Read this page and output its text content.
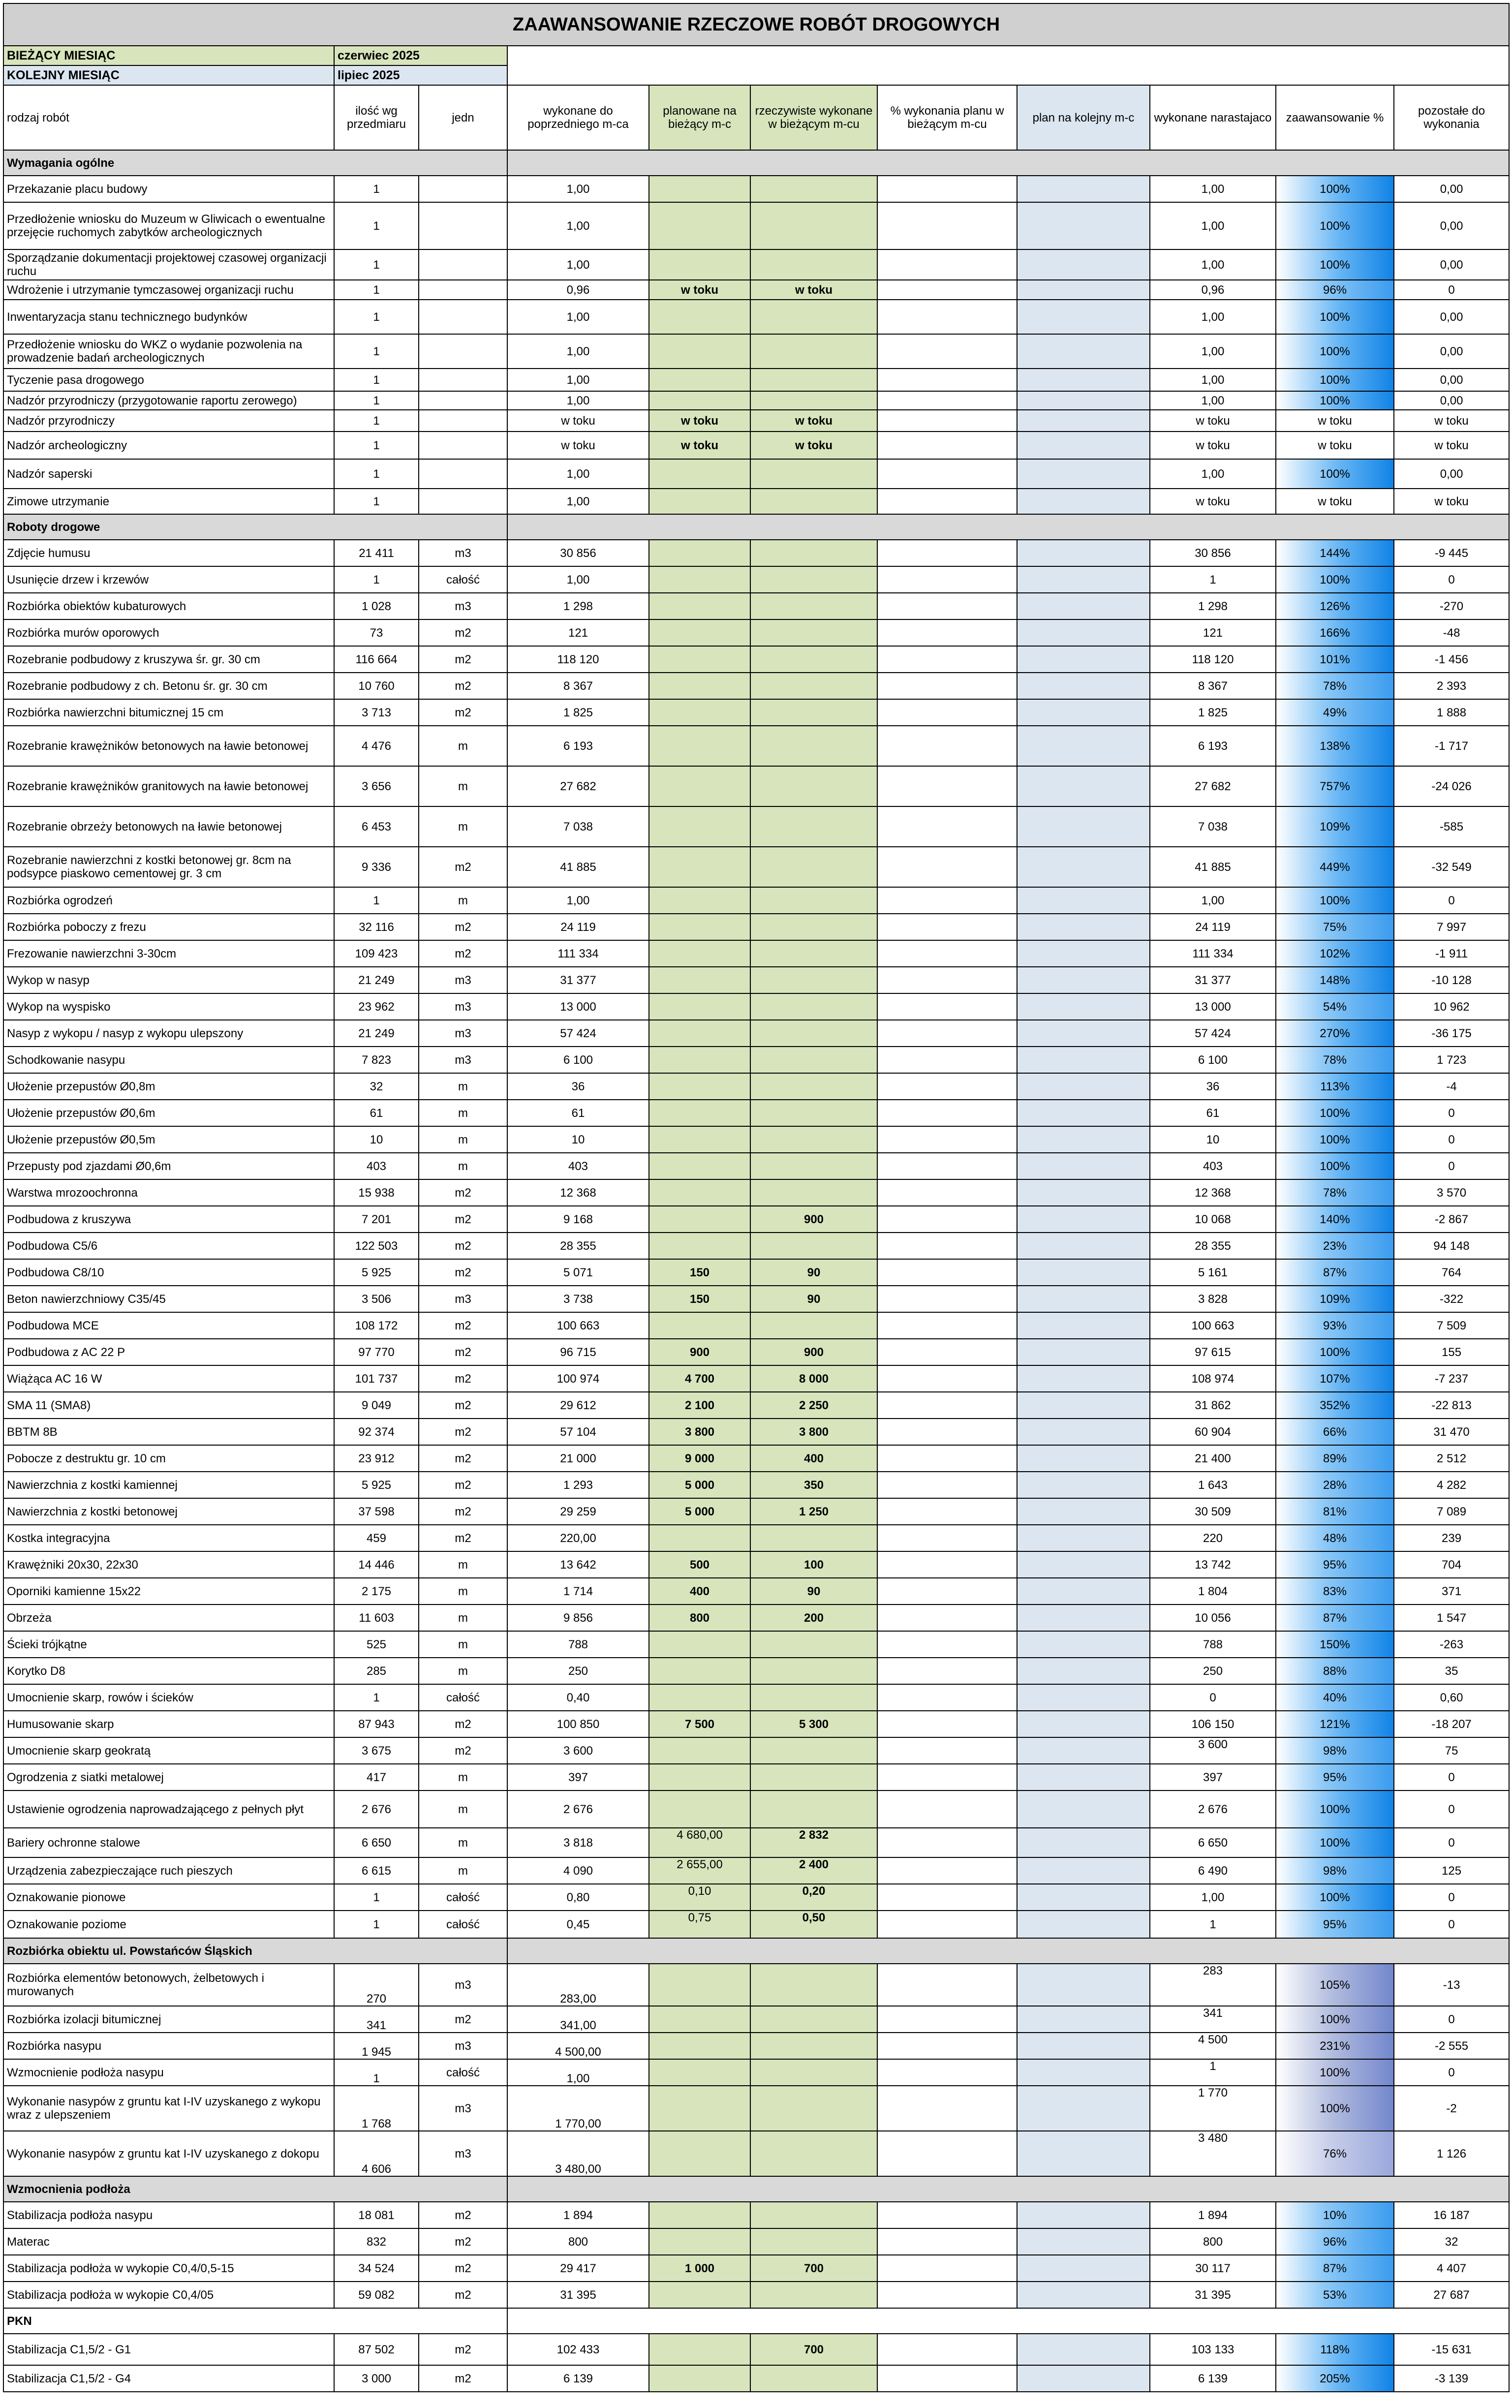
ZAAWANSOWANIE RZECZOWE ROBÓT DROGOWYCH										
BIEŻĄCY MIESIĄC	czerwiec 2025									
KOLEJNY MIESIĄC	lipiec 2025									
rodzaj robót	ilość wg przedmiaru	jedn	wykonane do poprzedniego m-ca	planowane na bieżący m-c	rzeczywiste wykonane w bieżącym m-cu	% wykonania planu w bieżącym m-cu	plan na kolejny m-c	wykonane narastajaco	zaawansowanie %	pozostałe do wykonania
Wymagania ogólne										
Przekazanie placu budowy	1		1,00					1,00	100%	0,00
Przedłożenie wniosku do Muzeum w Gliwicach o ewentualne przejęcie ruchomych zabytków archeologicznych	1		1,00					1,00	100%	0,00
Sporządzanie dokumentacji projektowej czasowej organizacji ruchu	1		1,00					1,00	100%	0,00
Wdrożenie i utrzymanie tymczasowej organizacji ruchu	1		0,96	w toku	w toku			0,96	96%	0
Inwentaryzacja stanu technicznego budynków	1		1,00					1,00	100%	0,00
Przedłożenie wniosku do WKZ o wydanie pozwolenia na prowadzenie badań archeologicznych	1		1,00					1,00	100%	0,00
Tyczenie pasa drogowego	1		1,00					1,00	100%	0,00
Nadzór przyrodniczy (przygotowanie raportu zerowego)	1		1,00					1,00	100%	0,00
Nadzór przyrodniczy	1		w toku	w toku	w toku			w toku	w toku	w toku
Nadzór archeologiczny	1		w toku	w toku	w toku			w toku	w toku	w toku
Nadzór saperski	1		1,00					1,00	100%	0,00
Zimowe utrzymanie	1		1,00					w toku	w toku	w toku
Roboty drogowe										
Zdjęcie humusu	21 411	m3	30 856					30 856	144%	-9 445
Usunięcie drzew i krzewów	1	całość	1,00					1	100%	0
Rozbiórka obiektów kubaturowych	1 028	m3	1 298					1 298	126%	-270
Rozbiórka murów oporowych	73	m2	121					121	166%	-48
Rozebranie podbudowy z kruszywa śr. gr. 30 cm	116 664	m2	118 120					118 120	101%	-1 456
Rozebranie podbudowy z ch. Betonu śr. gr. 30 cm	10 760	m2	8 367					8 367	78%	2 393
Rozbiórka nawierzchni bitumicznej 15 cm	3 713	m2	1 825					1 825	49%	1 888
Rozebranie krawężników betonowych na ławie betonowej	4 476	m	6 193					6 193	138%	-1 717
Rozebranie krawężników granitowych na ławie betonowej	3 656	m	27 682					27 682	757%	-24 026
Rozebranie obrzeży betonowych na ławie betonowej	6 453	m	7 038					7 038	109%	-585
Rozebranie nawierzchni z kostki betonowej gr. 8cm na podsypce piaskowo cementowej gr. 3 cm	9 336	m2	41 885					41 885	449%	-32 549
Rozbiórka ogrodzeń	1	m	1,00					1,00	100%	0
Rozbiórka poboczy z frezu	32 116	m2	24 119					24 119	75%	7 997
Frezowanie nawierzchni 3-30cm	109 423	m2	111 334					111 334	102%	-1 911
Wykop w nasyp	21 249	m3	31 377					31 377	148%	-10 128
Wykop na wyspisko	23 962	m3	13 000					13 000	54%	10 962
Nasyp z wykopu / nasyp z wykopu ulepszony	21 249	m3	57 424					57 424	270%	-36 175
Schodkowanie nasypu	7 823	m3	6 100					6 100	78%	1 723
Ułożenie przepustów Ø0,8m	32	m	36					36	113%	-4
Ułożenie przepustów Ø0,6m	61	m	61					61	100%	0
Ułożenie przepustów Ø0,5m	10	m	10					10	100%	0
Przepusty pod zjazdami Ø0,6m	403	m	403					403	100%	0
Warstwa mrozoochronna	15 938	m2	12 368					12 368	78%	3 570
Podbudowa z kruszywa	7 201	m2	9 168		900			10 068	140%	-2 867
Podbudowa C5/6	122 503	m2	28 355					28 355	23%	94 148
Podbudowa C8/10	5 925	m2	5 071	150	90			5 161	87%	764
Beton nawierzchniowy C35/45	3 506	m3	3 738	150	90			3 828	109%	-322
Podbudowa MCE	108 172	m2	100 663					100 663	93%	7 509
Podbudowa z AC 22 P	97 770	m2	96 715	900	900			97 615	100%	155
Wiążąca AC 16 W	101 737	m2	100 974	4 700	8 000			108 974	107%	-7 237
SMA 11 (SMA8)	9 049	m2	29 612	2 100	2 250			31 862	352%	-22 813
BBTM 8B	92 374	m2	57 104	3 800	3 800			60 904	66%	31 470
Pobocze z destruktu gr. 10 cm	23 912	m2	21 000	9 000	400			21 400	89%	2 512
Nawierzchnia z kostki kamiennej	5 925	m2	1 293	5 000	350			1 643	28%	4 282
Nawierzchnia z kostki betonowej	37 598	m2	29 259	5 000	1 250			30 509	81%	7 089
Kostka integracyjna	459	m2	220,00					220	48%	239
Krawężniki 20x30, 22x30	14 446	m	13 642	500	100			13 742	95%	704
Oporniki kamienne 15x22	2 175	m	1 714	400	90			1 804	83%	371
Obrzeża	11 603	m	9 856	800	200			10 056	87%	1 547
Ścieki trójkątne	525	m	788					788	150%	-263
Korytko D8	285	m	250					250	88%	35
Umocnienie skarp, rowów i ścieków	1	całość	0,40					0	40%	0,60
Humusowanie skarp	87 943	m2	100 850	7 500	5 300			106 150	121%	-18 207
Umocnienie skarp geokratą	3 675	m2	3 600					3 600	98%	75
Ogrodzenia z siatki metalowej	417	m	397					397	95%	0
Ustawienie ogrodzenia naprowadzającego z pełnych płyt	2 676	m	2 676					2 676	100%	0
Bariery ochronne stalowe	6 650	m	3 818	4 680,00	2 832			6 650	100%	0
Urządzenia zabezpieczające ruch pieszych	6 615	m	4 090	2 655,00	2 400			6 490	98%	125
Oznakowanie pionowe	1	całość	0,80	0,10	0,20			1,00	100%	0
Oznakowanie poziome	1	całość	0,45	0,75	0,50			1	95%	0
Rozbiórka obiektu ul. Powstańców Śląskich										
Rozbiórka elementów betonowych, żelbetowych i murowanych	270	m3	283,00					283	105%	-13
Rozbiórka izolacji bitumicznej	341	m2	341,00					341	100%	0
Rozbiórka nasypu	1 945	m3	4 500,00					4 500	231%	-2 555
Wzmocnienie podłoża nasypu	1	całość	1,00					1	100%	0
Wykonanie nasypów z gruntu kat I-IV uzyskanego z wykopu wraz z ulepszeniem	1 768	m3	1 770,00					1 770	100%	-2
Wykonanie nasypów z gruntu kat I-IV uzyskanego z dokopu	4 606	m3	3 480,00					3 480	76%	1 126
Wzmocnienia podłoża										
Stabilizacja podłoża nasypu	18 081	m2	1 894					1 894	10%	16 187
Materac	832	m2	800					800	96%	32
Stabilizacja podłoża w wykopie C0,4/0,5-15	34 524	m2	29 417	1 000	700			30 117	87%	4 407
Stabilizacja podłoża w wykopie C0,4/05	59 082	m2	31 395					31 395	53%	27 687
PKN										
Stabilizacja C1,5/2 - G1	87 502	m2	102 433		700			103 133	118%	-15 631
Stabilizacja C1,5/2 - G4	3 000	m2	6 139					6 139	205%	-3 139
